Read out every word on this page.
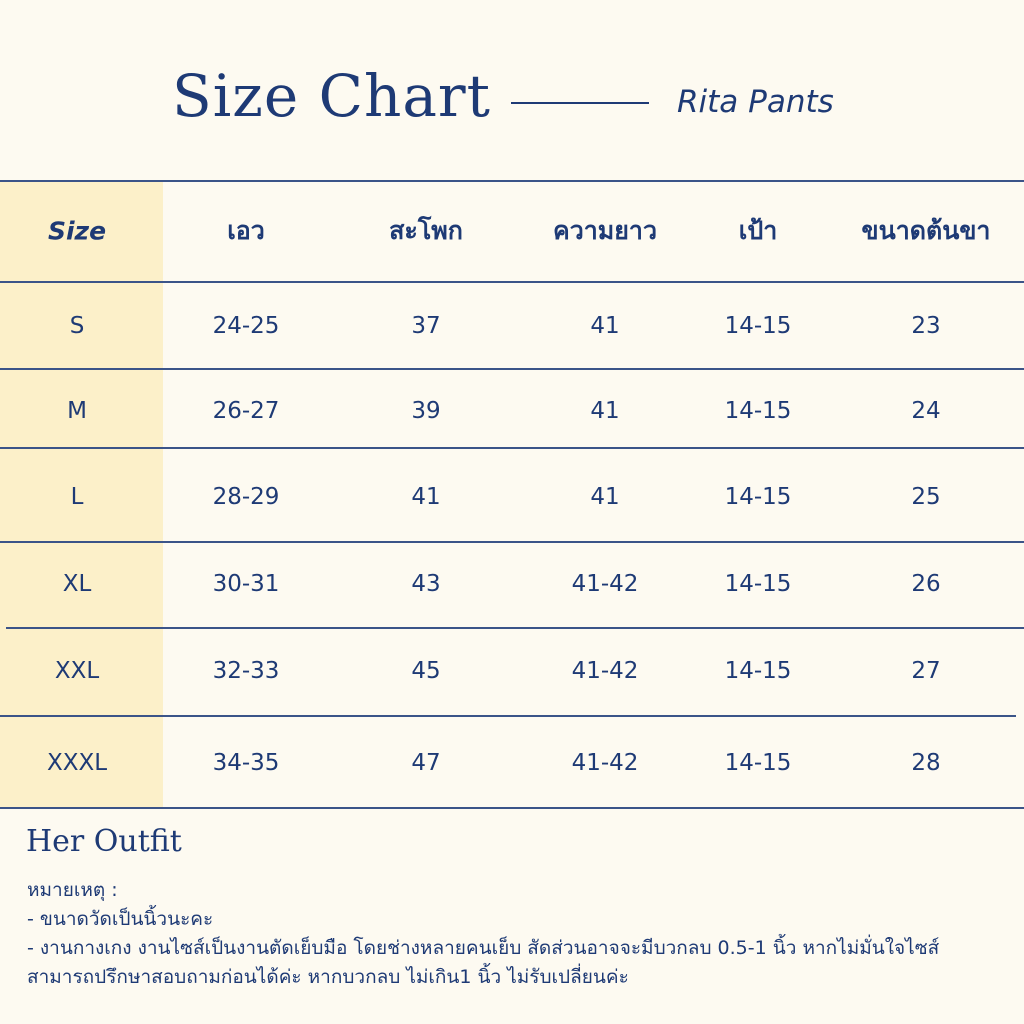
Size Chart	Rita Pants
Size	เอว	สะโพก	ความยาว	เป้า	ขนาดต้นขา
S	24-25	37	41	14-15	23
M	26-27	39	41	14-15	24
L	28-29	41	41	14-15	25
XL	30-31	43	41-42	14-15	26
XXL	32-33	45	41-42	14-15	27
XXXL	34-35	47	41-42	14-15	28
Her Outfit
หมายเหตุ :
- ขนาดวัดเป็นนิ้วนะคะ
- งานกางเกง งานไซส์เป็นงานตัดเย็บมือ โดยช่างหลายคนเย็บ สัดส่วนอาจจะมีบวกลบ 0.5-1 นิ้ว หากไม่มั่นใจไซส์
สามารถปรึกษาสอบถามก่อนได้ค่ะ หากบวกลบ ไม่เกิน1 นิ้ว ไม่รับเปลี่ยนค่ะ
